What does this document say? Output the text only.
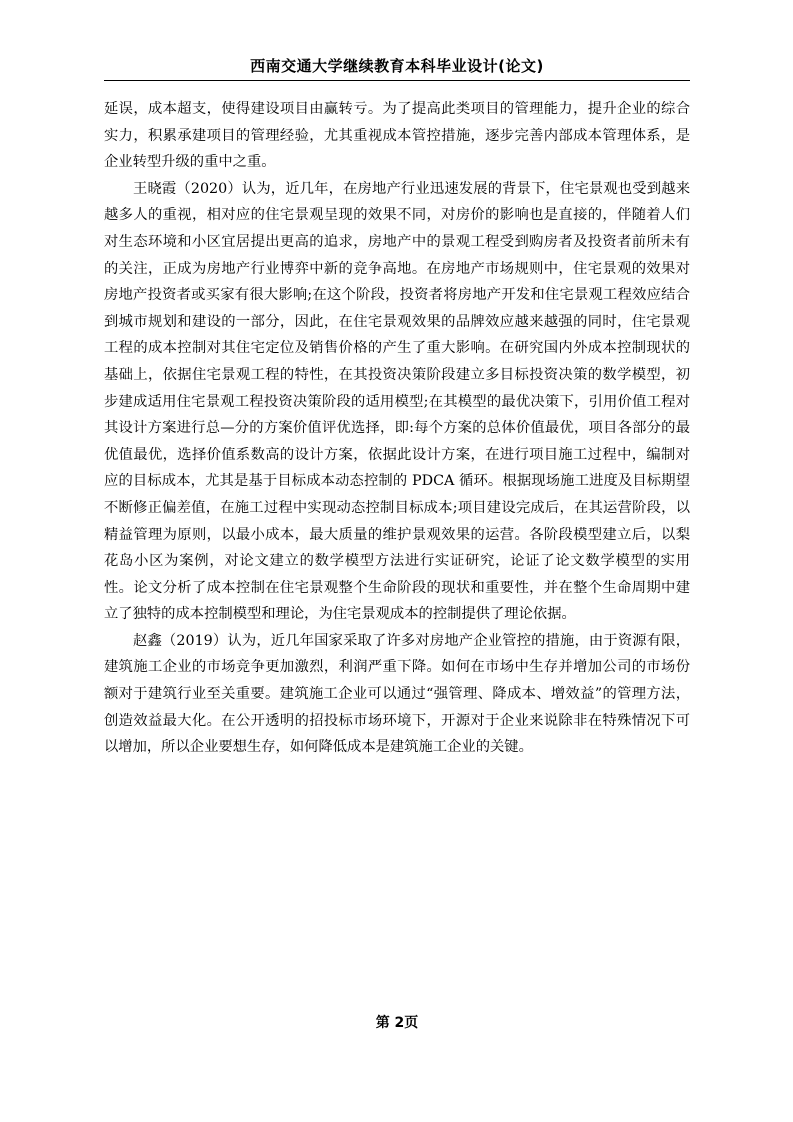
西南交通大学继续教育本科毕业设计(论文)

延误，成本超支，使得建设项目由赢转亏。为了提高此类项目的管理能力，提升企业的综合实力，积累承建项目的管理经验，尤其重视成本管控措施，逐步完善内部成本管理体系，是企业转型升级的重中之重。

王晓霞（2020）认为，近几年，在房地产行业迅速发展的背景下，住宅景观也受到越来越多人的重视，相对应的住宅景观呈现的效果不同，对房价的影响也是直接的，伴随着人们对生态环境和小区宜居提出更高的追求，房地产中的景观工程受到购房者及投资者前所未有的关注，正成为房地产行业博弈中新的竞争高地。在房地产市场规则中，住宅景观的效果对房地产投资者或买家有很大影响;在这个阶段，投资者将房地产开发和住宅景观工程效应结合到城市规划和建设的一部分，因此，在住宅景观效果的品牌效应越来越强的同时，住宅景观工程的成本控制对其住宅定位及销售价格的产生了重大影响。在研究国内外成本控制现状的基础上，依据住宅景观工程的特性，在其投资决策阶段建立多目标投资决策的数学模型，初步建成适用住宅景观工程投资决策阶段的适用模型;在其模型的最优决策下，引用价值工程对其设计方案进行总—分的方案价值评优选择，即:每个方案的总体价值最优，项目各部分的最优值最优，选择价值系数高的设计方案，依据此设计方案，在进行项目施工过程中，编制对应的目标成本，尤其是基于目标成本动态控制的 PDCA 循环。根据现场施工进度及目标期望不断修正偏差值，在施工过程中实现动态控制目标成本;项目建设完成后，在其运营阶段，以精益管理为原则，以最小成本，最大质量的维护景观效果的运营。各阶段模型建立后，以梨花岛小区为案例，对论文建立的数学模型方法进行实证研究，论证了论文数学模型的实用性。论文分析了成本控制在住宅景观整个生命阶段的现状和重要性，并在整个生命周期中建立了独特的成本控制模型和理论，为住宅景观成本的控制提供了理论依据。

赵鑫（2019）认为，近几年国家采取了许多对房地产企业管控的措施，由于资源有限，建筑施工企业的市场竞争更加激烈，利润严重下降。如何在市场中生存并增加公司的市场份额对于建筑行业至关重要。建筑施工企业可以通过“强管理、降成本、增效益”的管理方法，创造效益最大化。在公开透明的招投标市场环境下，开源对于企业来说除非在特殊情况下可以增加，所以企业要想生存，如何降低成本是建筑施工企业的关键。

第 2页
